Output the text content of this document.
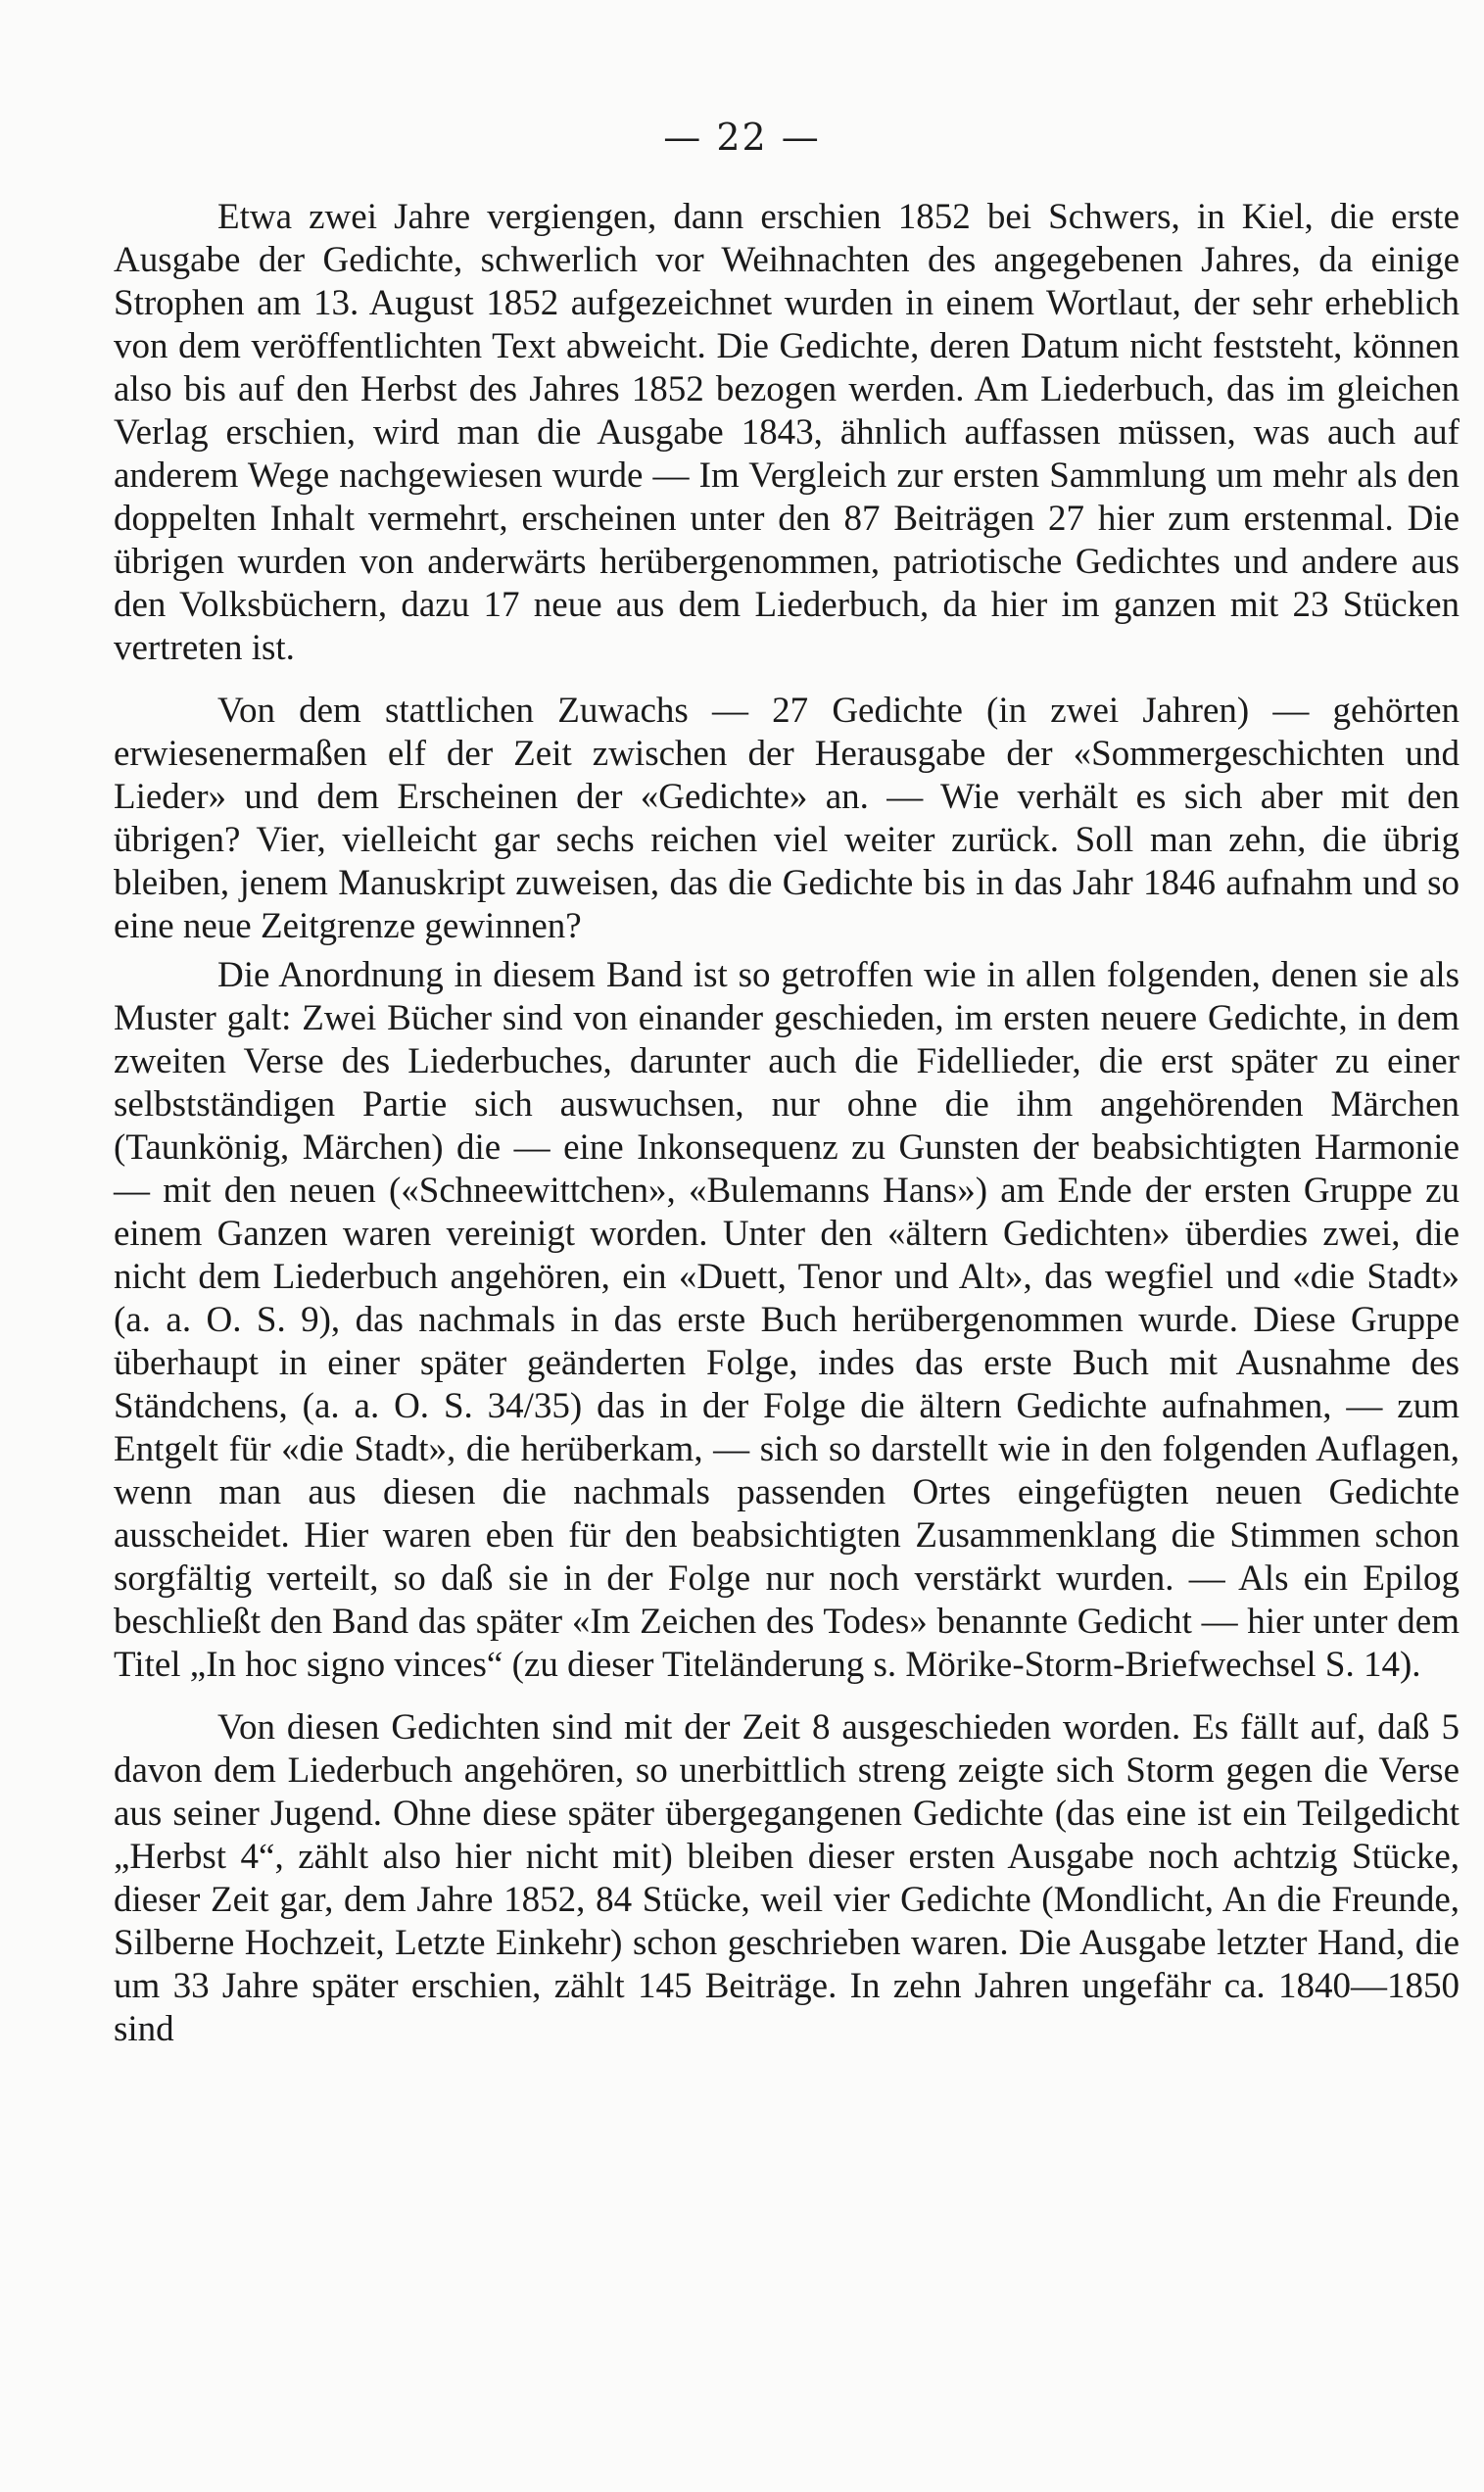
— 22 —

Etwa zwei Jahre vergiengen, dann erschien 1852 bei Schwers, in Kiel, die erste Ausgabe der Gedichte, schwerlich vor Weihnachten des angegebenen Jahres, da einige Strophen am 13. August 1852 aufgezeichnet wurden in einem Wortlaut, der sehr erheblich von dem veröffentlichten Text abweicht. Die Gedichte, deren Datum nicht feststeht, können also bis auf den Herbst des Jahres 1852 bezogen werden. Am Liederbuch, das im gleichen Verlag erschien, wird man die Ausgabe 1843, ähnlich auffassen müssen, was auch auf anderem Wege nachgewiesen wurde — Im Vergleich zur ersten Sammlung um mehr als den doppelten Inhalt vermehrt, erscheinen unter den 87 Beiträgen 27 hier zum erstenmal. Die übrigen wurden von anderwärts herübergenommen, patriotische Gedichtes und andere aus den Volksbüchern, dazu 17 neue aus dem Liederbuch, da hier im ganzen mit 23 Stücken vertreten ist.

Von dem stattlichen Zuwachs — 27 Gedichte (in zwei Jahren) — gehörten erwiesenermaßen elf der Zeit zwischen der Herausgabe der «Sommergeschichten und Lieder» und dem Erscheinen der «Gedichte» an. — Wie verhält es sich aber mit den übrigen? Vier, vielleicht gar sechs reichen viel weiter zurück. Soll man zehn, die übrig bleiben, jenem Manuskript zuweisen, das die Gedichte bis in das Jahr 1846 aufnahm und so eine neue Zeitgrenze gewinnen?

Die Anordnung in diesem Band ist so getroffen wie in allen folgenden, denen sie als Muster galt: Zwei Bücher sind von einander geschieden, im ersten neuere Gedichte, in dem zweiten Verse des Liederbuches, darunter auch die Fidellieder, die erst später zu einer selbstständigen Partie sich auswuchsen, nur ohne die ihm angehörenden Märchen (Taunkönig, Märchen) die — eine Inkonsequenz zu Gunsten der beabsichtigten Harmonie — mit den neuen («Schneewittchen», «Bulemanns Hans») am Ende der ersten Gruppe zu einem Ganzen waren vereinigt worden. Unter den «ältern Gedichten» überdies zwei, die nicht dem Liederbuch angehören, ein «Duett, Tenor und Alt», das wegfiel und «die Stadt» (a. a. O. S. 9), das nachmals in das erste Buch herübergenommen wurde. Diese Gruppe überhaupt in einer später geänderten Folge, indes das erste Buch mit Ausnahme des Ständchens, (a. a. O. S. 34/35) das in der Folge die ältern Gedichte aufnahmen, — zum Entgelt für «die Stadt», die herüberkam, — sich so darstellt wie in den folgenden Auflagen, wenn man aus diesen die nachmals passenden Ortes eingefügten neuen Gedichte ausscheidet. Hier waren eben für den beabsichtigten Zusammenklang die Stimmen schon sorgfältig verteilt, so daß sie in der Folge nur noch verstärkt wurden. — Als ein Epilog beschließt den Band das später «Im Zeichen des Todes» benannte Gedicht — hier unter dem Titel „In hoc signo vinces“ (zu dieser Titeländerung s. Mörike-Storm-Briefwechsel S. 14).

Von diesen Gedichten sind mit der Zeit 8 ausgeschieden worden. Es fällt auf, daß 5 davon dem Liederbuch angehören, so unerbittlich streng zeigte sich Storm gegen die Verse aus seiner Jugend. Ohne diese später übergegangenen Gedichte (das eine ist ein Teilgedicht „Herbst 4“, zählt also hier nicht mit) bleiben dieser ersten Ausgabe noch achtzig Stücke, dieser Zeit gar, dem Jahre 1852, 84 Stücke, weil vier Gedichte (Mondlicht, An die Freunde, Silberne Hochzeit, Letzte Einkehr) schon geschrieben waren. Die Ausgabe letzter Hand, die um 33 Jahre später erschien, zählt 145 Beiträge. In zehn Jahren ungefähr ca. 1840—1850 sind
